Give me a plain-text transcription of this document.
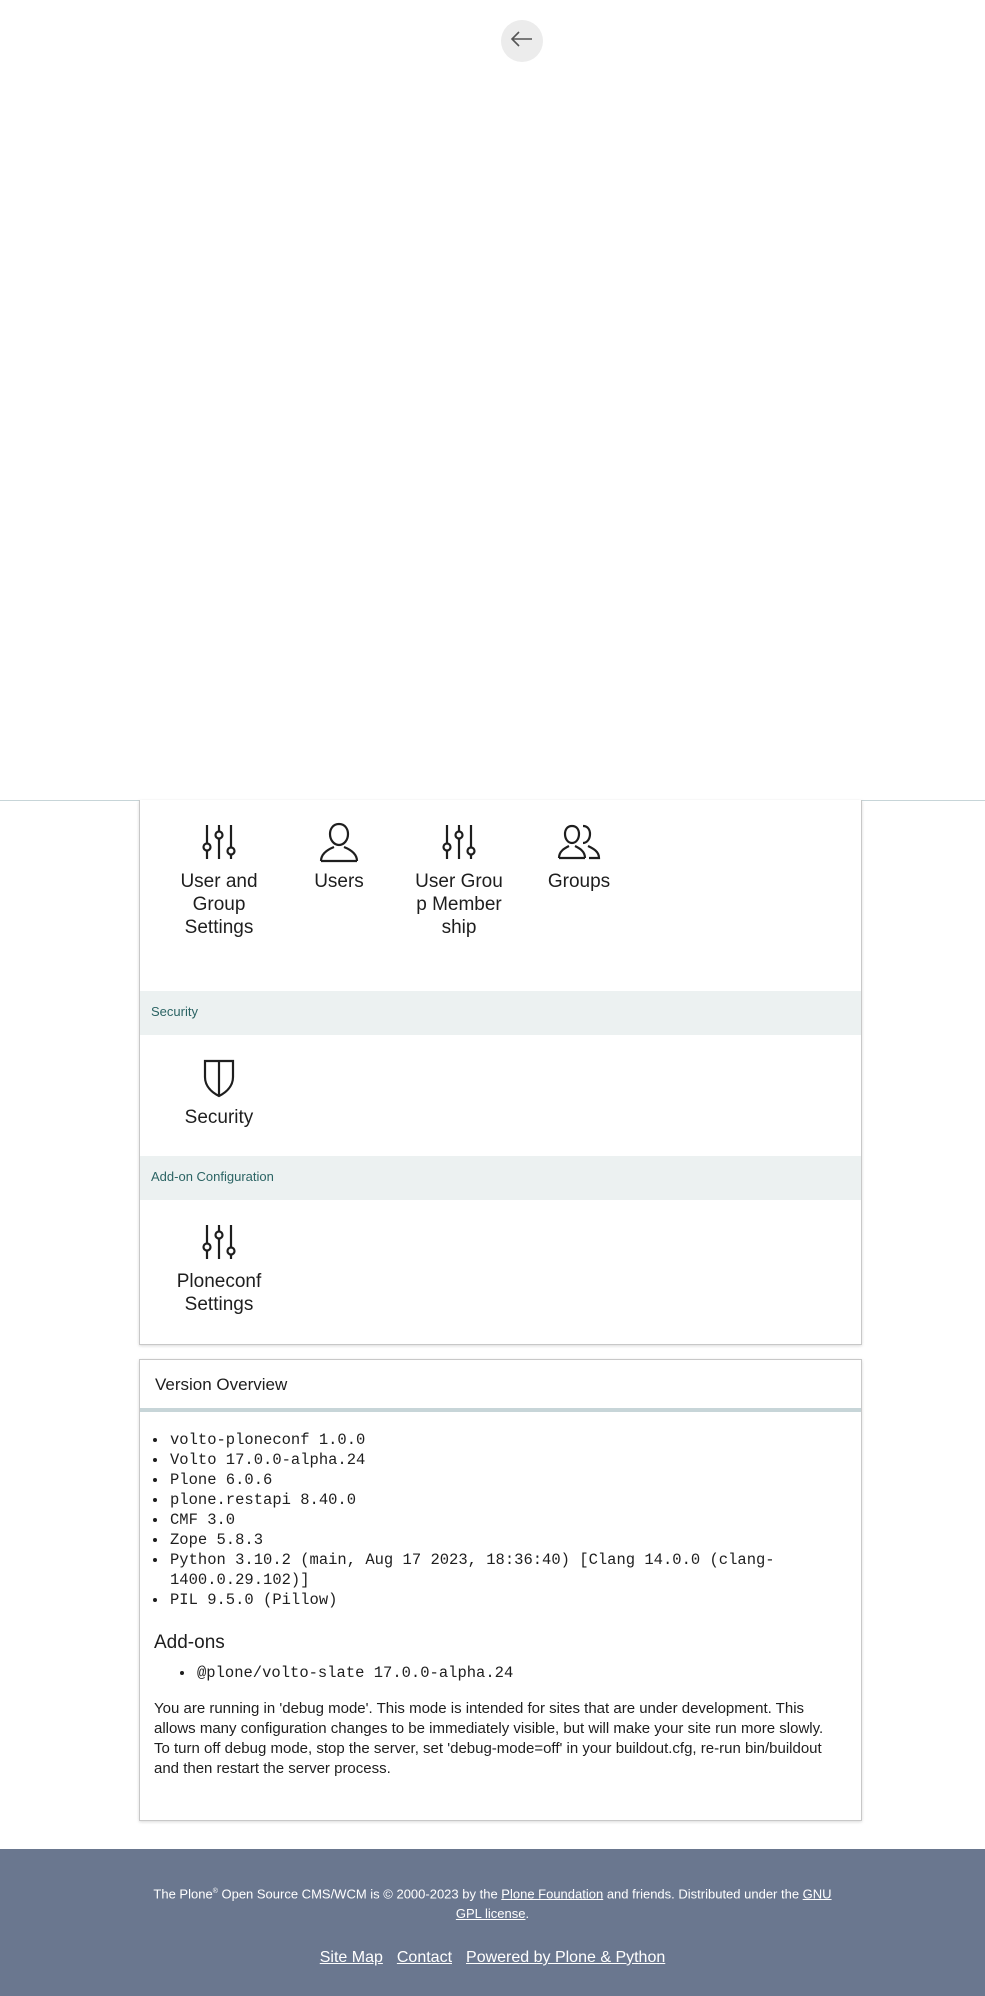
User and Group Settings
Users	User Group Membership
Groups
Security
Security
Add-on Configuration
Ploneconf Settings
Version Overview
• volto-ploneconf 1.0.0
• Volto 17.0.0-alpha.24
• Plone 6.0.6
• plone.restapi 8.40.0
• CMF 3.0
• Zope 5.8.3
• Python 3.10.2 (main, Aug 17 2023, 18:36:40) [Clang 14.0.0 (clang-1400.0.29.102)]
• PIL 9.5.0 (Pillow)
Add-ons
• @plone/volto-slate 17.0.0-alpha.24

You are running in 'debug mode'. This mode is intended for sites that are under development. This allows many configuration changes to be immediately visible, but will make your site run more slowly. To turn off debug mode, stop the server, set 'debug-mode=off' in your buildout.cfg, re-run bin/buildout and then restart the server process.

The Plone® Open Source CMS/WCM is © 2000-2023 by the Plone Foundation and friends. Distributed under the GNU GPL license.
Site Map Contact Powered by Plone & Python
